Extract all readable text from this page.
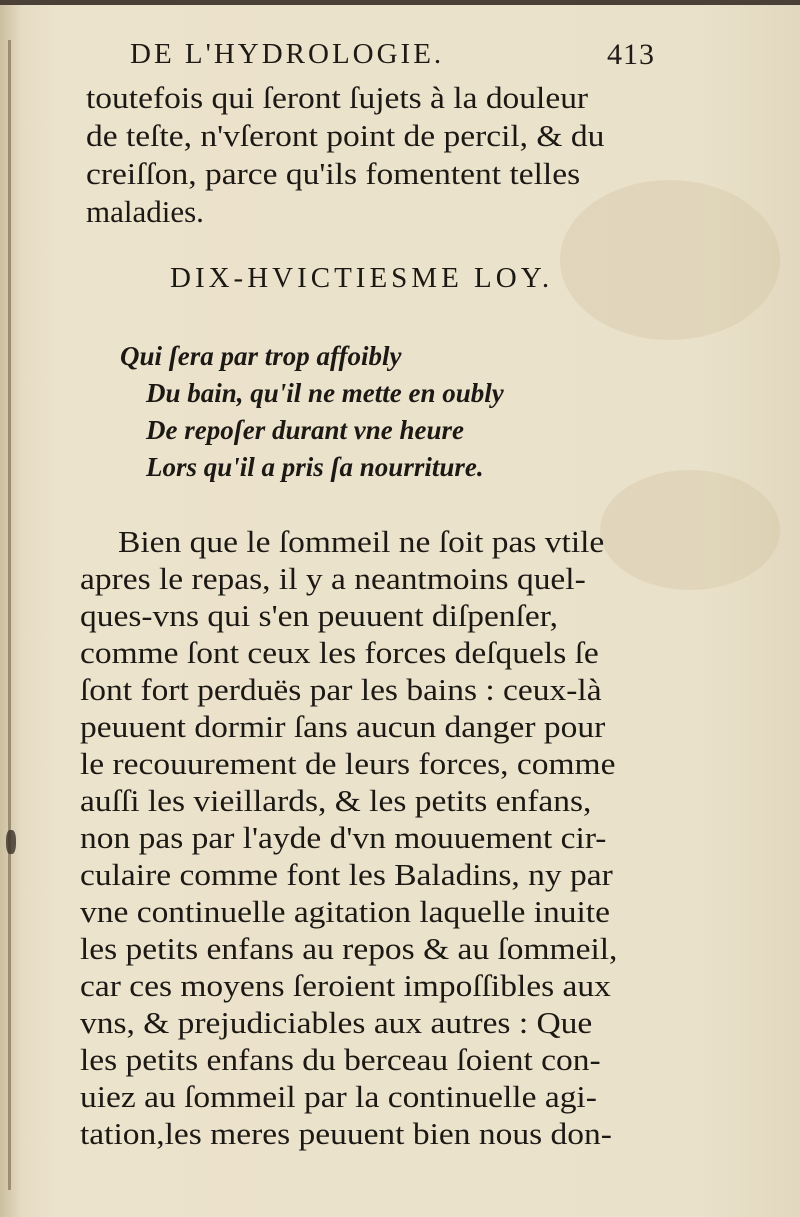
DE L'HYDROLOGIE.	413
toutefois qui ſeront ſujets à la douleur
de teſte, n'vſeront point de percil, & du
creiſſon, parce qu'ils fomentent telles
maladies.
DIX-HVICTIESME LOY.
Qui ſera par trop affoibly
Du bain, qu'il ne mette en oubly
De repoſer durant vne heure
Lors qu'il a pris ſa nourriture.
Bien que le ſommeil ne ſoit pas vtile
apres le repas, il y a neantmoins quel-
ques-vns qui s'en peuuent diſpenſer,
comme ſont ceux les forces deſquels ſe
ſont fort perduës par les bains : ceux-là
peuuent dormir ſans aucun danger pour
le recouurement de leurs forces, comme
auſſi les vieillards, & les petits enfans,
non pas par l'ayde d'vn mouuement cir-
culaire comme font les Baladins, ny par
vne continuelle agitation laquelle inuite
les petits enfans au repos & au ſommeil,
car ces moyens ſeroient impoſſibles aux
vns, & prejudiciables aux autres : Que
les petits enfans du berceau ſoient con-
uiez au ſommeil par la continuelle agi-
tation,les meres peuuent bien nous don-
